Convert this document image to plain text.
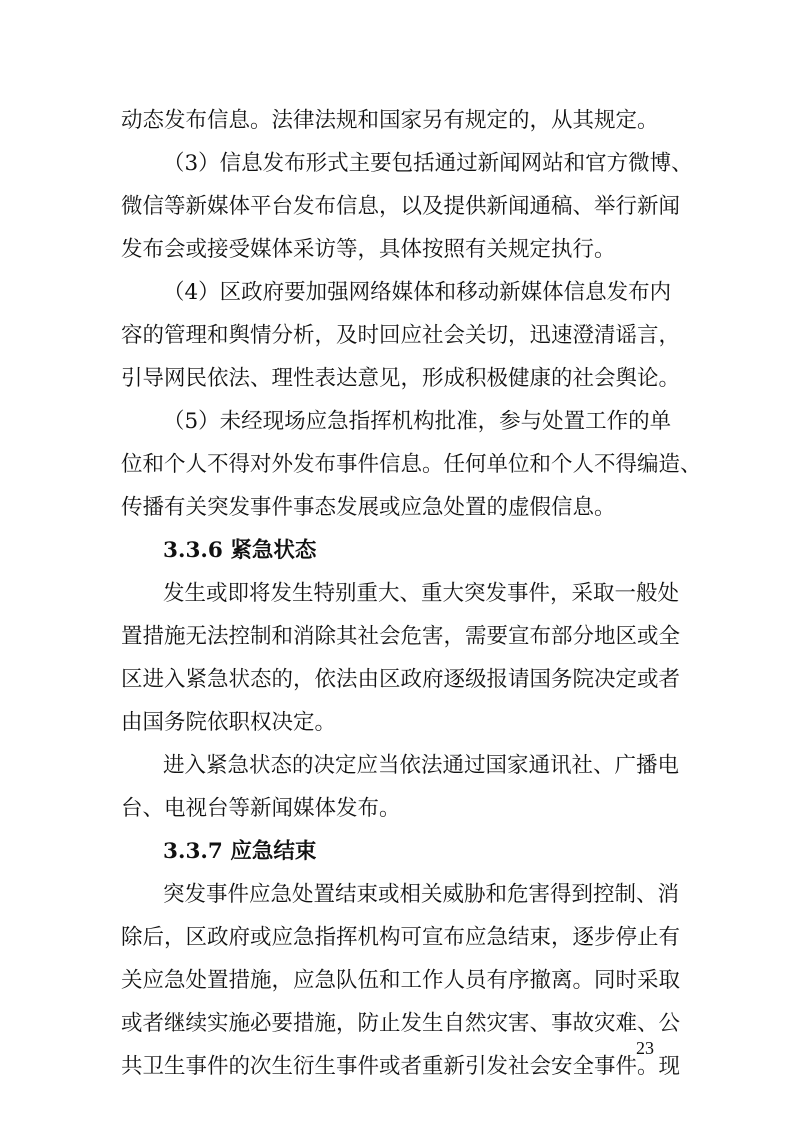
动态发布信息。法律法规和国家另有规定的，从其规定。

（3）信息发布形式主要包括通过新闻网站和官方微博、

微信等新媒体平台发布信息，以及提供新闻通稿、举行新闻

发布会或接受媒体采访等，具体按照有关规定执行。

（4）区政府要加强网络媒体和移动新媒体信息发布内

容的管理和舆情分析，及时回应社会关切，迅速澄清谣言，

引导网民依法、理性表达意见，形成积极健康的社会舆论。

（5）未经现场应急指挥机构批准，参与处置工作的单

位和个人不得对外发布事件信息。任何单位和个人不得编造、

传播有关突发事件事态发展或应急处置的虚假信息。

3.3.6 紧急状态

发生或即将发生特别重大、重大突发事件，采取一般处

置措施无法控制和消除其社会危害，需要宣布部分地区或全

区进入紧急状态的，依法由区政府逐级报请国务院决定或者

由国务院依职权决定。

进入紧急状态的决定应当依法通过国家通讯社、广播电

台、电视台等新闻媒体发布。

3.3.7 应急结束

突发事件应急处置结束或相关威胁和危害得到控制、消

除后，区政府或应急指挥机构可宣布应急结束，逐步停止有

关应急处置措施，应急队伍和工作人员有序撤离。同时采取

或者继续实施必要措施，防止发生自然灾害、事故灾难、公

共卫生事件的次生衍生事件或者重新引发社会安全事件。现

23
